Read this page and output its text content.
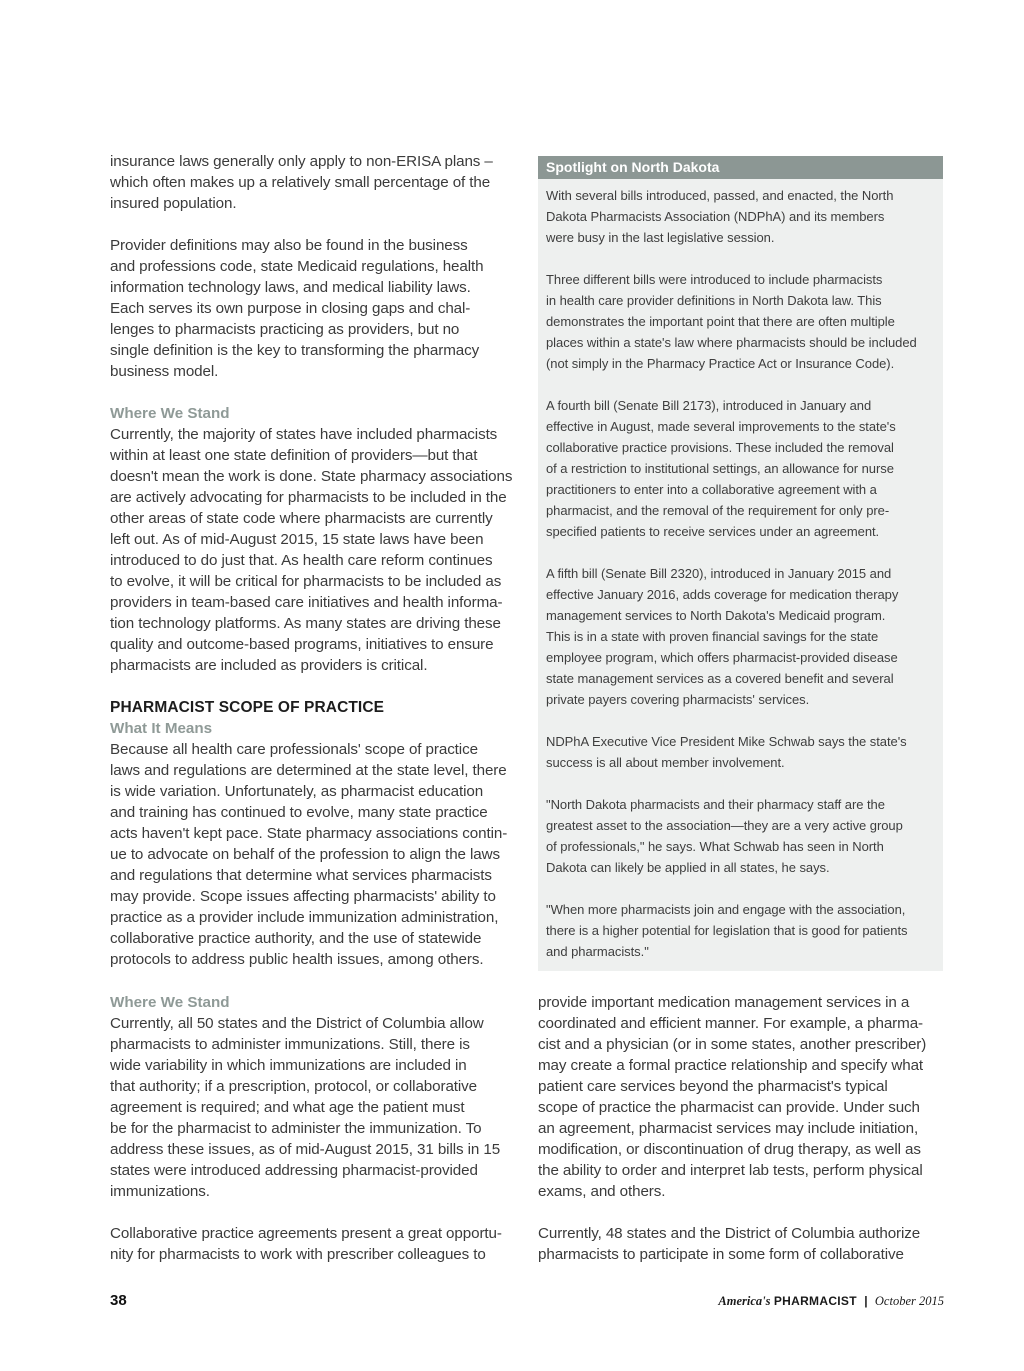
insurance laws generally only apply to non-ERISA plans –
which often makes up a relatively small percentage of the
insured population.

Provider definitions may also be found in the business
and professions code, state Medicaid regulations, health
information technology laws, and medical liability laws.
Each serves its own purpose in closing gaps and chal-
lenges to pharmacists practicing as providers, but no
single definition is the key to transforming the pharmacy
business model.

Where We Stand

Currently, the majority of states have included pharmacists
within at least one state definition of providers—but that
doesn't mean the work is done. State pharmacy associations
are actively advocating for pharmacists to be included in the
other areas of state code where pharmacists are currently
left out. As of mid-August 2015, 15 state laws have been
introduced to do just that. As health care reform continues
to evolve, it will be critical for pharmacists to be included as
providers in team-based care initiatives and health informa-
tion technology platforms. As many states are driving these
quality and outcome-based programs, initiatives to ensure
pharmacists are included as providers is critical.

PHARMACIST SCOPE OF PRACTICE

What It Means

Because all health care professionals' scope of practice
laws and regulations are determined at the state level, there
is wide variation. Unfortunately, as pharmacist education
and training has continued to evolve, many state practice
acts haven't kept pace. State pharmacy associations contin-
ue to advocate on behalf of the profession to align the laws
and regulations that determine what services pharmacists
may provide. Scope issues affecting pharmacists' ability to
practice as a provider include immunization administration,
collaborative practice authority, and the use of statewide
protocols to address public health issues, among others.

Spotlight on North Dakota

With several bills introduced, passed, and enacted, the North
Dakota Pharmacists Association (NDPhA) and its members
were busy in the last legislative session.

Three different bills were introduced to include pharmacists
in health care provider definitions in North Dakota law. This
demonstrates the important point that there are often multiple
places within a state's law where pharmacists should be included
(not simply in the Pharmacy Practice Act or Insurance Code).

A fourth bill (Senate Bill 2173), introduced in January and
effective in August, made several improvements to the state's
collaborative practice provisions. These included the removal
of a restriction to institutional settings, an allowance for nurse
practitioners to enter into a collaborative agreement with a
pharmacist, and the removal of the requirement for only pre-
specified patients to receive services under an agreement.

A fifth bill (Senate Bill 2320), introduced in January 2015 and
effective January 2016, adds coverage for medication therapy
management services to North Dakota's Medicaid program.
This is in a state with proven financial savings for the state
employee program, which offers pharmacist-provided disease
state management services as a covered benefit and several
private payers covering pharmacists' services.

NDPhA Executive Vice President Mike Schwab says the state's
success is all about member involvement.

"North Dakota pharmacists and their pharmacy staff are the
greatest asset to the association—they are a very active group
of professionals," he says. What Schwab has seen in North
Dakota can likely be applied in all states, he says.

"When more pharmacists join and engage with the association,
there is a higher potential for legislation that is good for patients
and pharmacists."

Where We Stand

Currently, all 50 states and the District of Columbia allow
pharmacists to administer immunizations. Still, there is
wide variability in which immunizations are included in
that authority; if a prescription, protocol, or collaborative
agreement is required; and what age the patient must
be for the pharmacist to administer the immunization. To
address these issues, as of mid-August 2015, 31 bills in 15
states were introduced addressing pharmacist-provided
immunizations.

Collaborative practice agreements present a great opportu-
nity for pharmacists to work with prescriber colleagues to

provide important medication management services in a
coordinated and efficient manner. For example, a pharma-
cist and a physician (or in some states, another prescriber)
may create a formal practice relationship and specify what
patient care services beyond the pharmacist's typical
scope of practice the pharmacist can provide. Under such
an agreement, pharmacist services may include initiation,
modification, or discontinuation of drug therapy, as well as
the ability to order and interpret lab tests, perform physical
exams, and others.

Currently, 48 states and the District of Columbia authorize
pharmacists to participate in some form of collaborative

38	America's PHARMACIST | October 2015
